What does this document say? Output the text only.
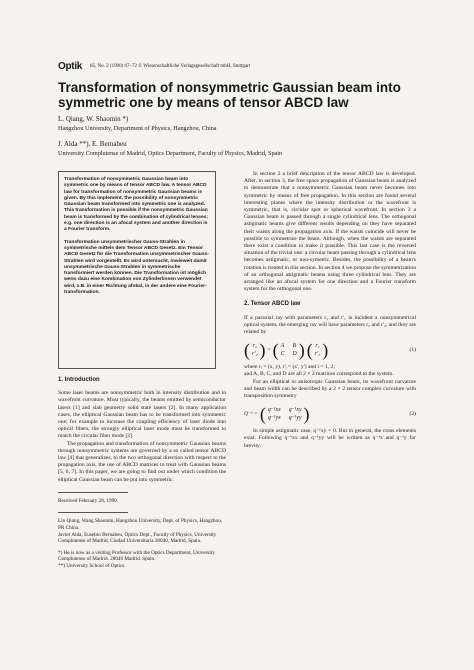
Optik 85, No. 2 (1990) 67–72 © Wissenschaftliche Verlagsgesellschaft mbH, Stuttgart
Transformation of nonsymmetric Gaussian beam into symmetric one by means of tensor ABCD law
L. Qiang, W. Shaomin *)
Hangzhou University, Department of Physics, Hangzhou, China
J. Alda **), E. Bernabeu
University Complutense of Madrid, Optics Department, Faculty of Physics, Madrid, Spain

Transformation of nonsymmetric Gaussian beam into symmetric one by means of tensor ABCD law. A tensor ABCD law for transformation of nonsymmetric Gaussian beams is given. By this implement, the possibility of nonsymmetric Gaussian beam transformed into symmetric one is analyzed. This transformation is possible if the nonsymmetric Gaussian beam is transformed by the combination of cylindrical lenses; e.g. one direction is an afocal system and another direction is a Fourier transform.

Transformation unsymmetrischer Gauss-Strahlen in symmetrische mittels dem Tensor ABCD Gesetz. Ein Tensor ABCD Gesetz für die Transformation unsymmetrischer Gauss-Strahlen wird vorgestellt. Es wird untersucht, inwieweit damit unsymmetrische Gauss-Strahlen in symmetrische transformiert werden können. Die Transformation ist möglich wenn dazu eine Kombination von Zylinderlinsen verwendet wird, z.B. in einer Richtung afokal, in der andere eine Fourier-transformation.

1. Introduction

Some laser beams are nonsymmetric both in intensity distribution and in wavefront curvature. Most typically, the beams emitted by semiconductor lasers [1] and slab geometry solid state lasers [2]. In many application cases, the elliptical Gaussian beam has to be transformed into symmetric one; for example to increase the coupling efficiency of laser diode into optical fibers, the strongly elliptical laser mode must be transformed to match the circular fiber mode [3].

The propagation and transformation of nonsymmetric Gaussian beams through nonsymmetric systems are governed by a so called tensor ABCD law [4] that generalizes, to the two orthogonal direction with respect to the propagation axis, the use of ABCD matrices to treat with Gaussian beams [5, 6, 7]. In this paper, we are going to find out under which condition the elliptical Gaussian beam can be put into symmetric.

Received February 28, 1990.

Lin Qiang, Wang Shaomin, Hangzhou University, Dept. of Physics, Hangzhou, PR China.

Javier Alda, Eusebio Bernabeu, Optics Dept., Faculty of Physics, University Complutense of Madrid, Ciudad Universitaria 28040, Madrid, Spain.

*) He is now as a visiting Professor with the Optics Department, University Complutense of Madrid. 28040 Madrid. Spain.

**) University School of Optics.

In section 2 a brief description of the tensor ABCD law is developed. After, in section 3, the free space propagation of Gaussian beam is analyzed to demonstrate that a nonsymmetric Gaussian beam never becomes into symmetric by means of free propagation. In this section are found several interesting planes where the intensity distribution or the wavefront is symmetric, that is, circular spot or spherical wavefront. In section 3 a Gaussian beam is passed through a single cylindrical lens. The orthogonal astigmatic beams give different results depending on they have separated their waists along the propagation axis. If the waists coincide will never be possible to symmetrize the beam. Although, when the waists are separated there exist a condition to make it possible. This last case is the reversed situation of the trivial one: a circular beam passing through a cylindrical lens becomes astigmatic, or non-symetric. Besides, the possibility of a beam's rotation is treated in this section. In section 4 we propose the symmetrization of an orthogonal astigmatic beams using three cylindrical lens. They are arranged like an afocal system for one direction and a Fourier transform system for the orthogonal one.

2. Tensor ABCD law

If a paraxial ray with parameters r₁ and r'₁ is incident a nonsymmetrical optical system, the emerging ray will have parameters r₂ and r'₂, and they are related by

( r₂
r'₂ ) = ( A B
C D ) ( r₁
r'₁ )	(1)

where rᵢ = (x, y), r'ᵢ = (x', y') and i = 1, 2;

and A, B, C, and D are all 2 × 2 matrices correspond to the system.

For an elliptical or anisotropic Gaussian beam, its wavefront curvature and beam width can be described by a 2 × 2 tensor complex curvature with transposition symmetry

Q⁻¹ = ( q⁻¹xx q⁻¹xy
q⁻¹yx q⁻¹yy )	(2)

In simple astigmatic case, q⁻¹xy = 0. But in general, the cross elements exist. Following q⁻¹xx and q⁻¹yy will be written as q⁻¹x and q⁻¹y for brevity.
